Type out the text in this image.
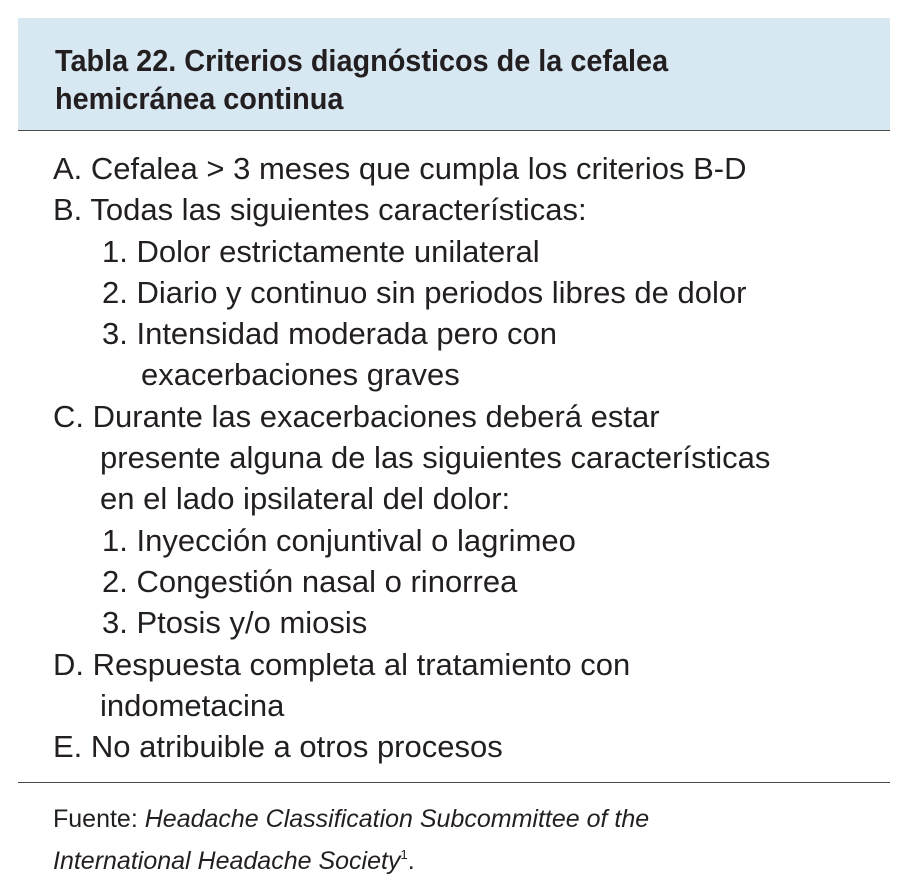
Tabla 22. Criterios diagnósticos de la cefalea
hemicránea continua
A. Cefalea > 3 meses que cumpla los criterios B-D
B. Todas las siguientes características:
1. Dolor estrictamente unilateral
2. Diario y continuo sin periodos libres de dolor
3. Intensidad moderada pero con
exacerbaciones graves
C. Durante las exacerbaciones deberá estar
presente alguna de las siguientes características
en el lado ipsilateral del dolor:
1. Inyección conjuntival o lagrimeo
2. Congestión nasal o rinorrea
3. Ptosis y/o miosis
D. Respuesta completa al tratamiento con
indometacina
E. No atribuible a otros procesos
Fuente: Headache Classification Subcommittee of the
International Headache Society$^1$.
